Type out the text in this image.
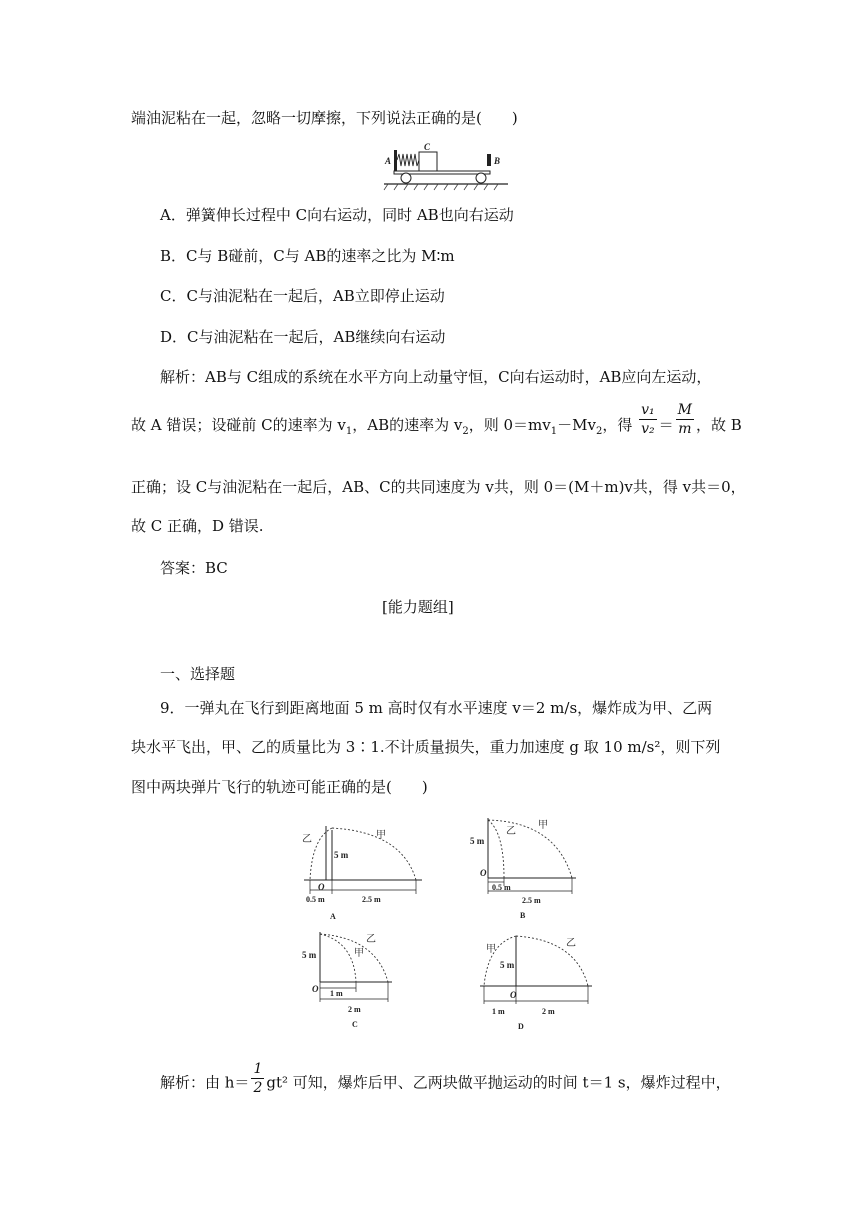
端油泥粘在一起，忽略一切摩擦，下列说法正确的是(　　)
A
C
B
A．弹簧伸长过程中 C向右运动，同时 AB也向右运动
B．C与 B碰前，C与 AB的速率之比为 M∶m
C．C与油泥粘在一起后，AB立即停止运动
D．C与油泥粘在一起后，AB继续向右运动
解析：AB与 C组成的系统在水平方向上动量守恒，C向右运动时，AB应向左运动，
故 A 错误；设碰前 C的速率为 $v_1$，AB的速率为 $v_2$，则 $0=mv_1-Mv_2$，得 $\frac{\text{v₁}}{\text{v₂}} = \frac{M}{m}$ ，故 B
正确；设 C与油泥粘在一起后，AB、C的共同速度为 v共，则 0＝(M＋m)v共，得 v共＝0，
故 C 正确，D 错误.
答案：BC
[能力题组]
一、选择题
9．一弹丸在飞行到距离地面 5 m 高时仅有水平速度 v＝2 m/s，爆炸成为甲、乙两
块水平飞出，甲、乙的质量比为 3∶1.不计质量损失，重力加速度 g 取 10 m/s²，则下列
图中两块弹片飞行的轨迹可能正确的是(　　)
乙	甲
5 m
O
0.5 m	2.5 m
A
5 m
乙
甲
O
0.5 m
2.5 m
B
5 m
乙
甲
O 1 m
2 m
C
甲
乙
5 m
O
1 m	2 m
D
解析：由 $h= \frac{1}{2} gt^2$ 可知，爆炸后甲、乙两块做平抛运动的时间 t＝1 s，爆炸过程中，
